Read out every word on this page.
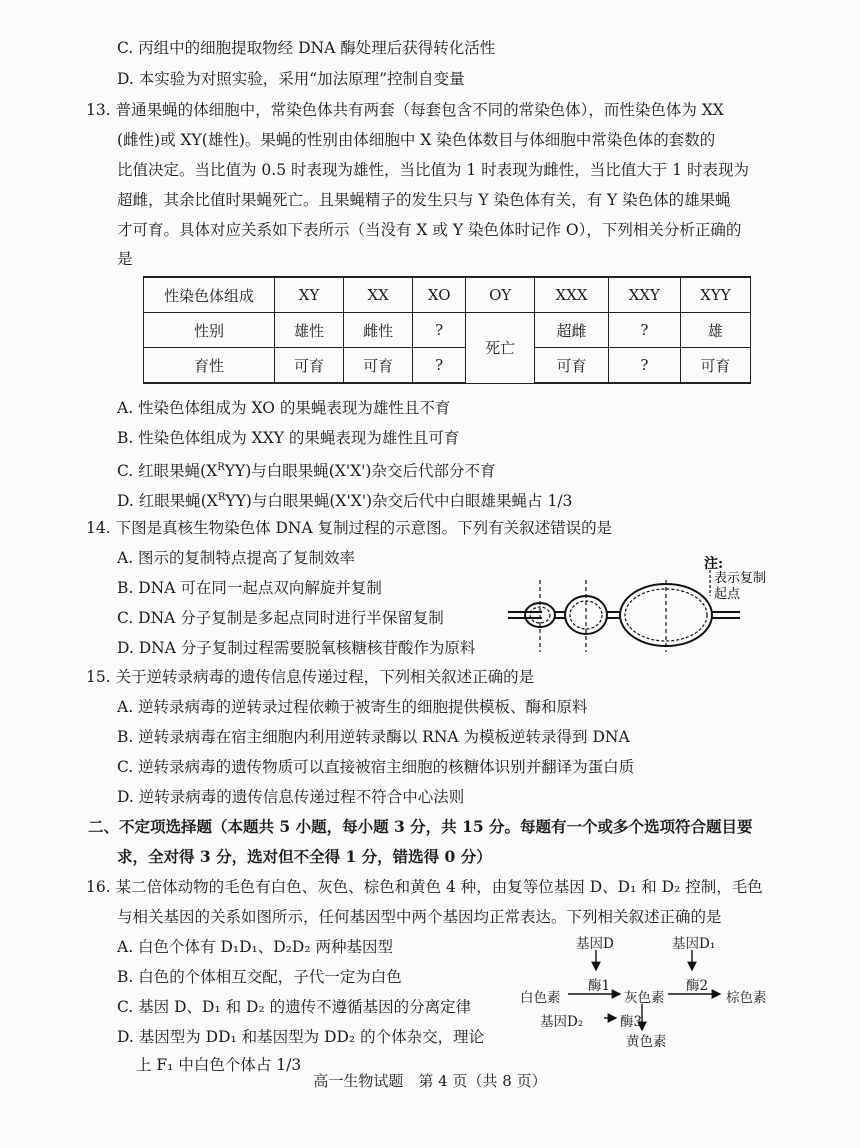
C. 丙组中的细胞提取物经 DNA 酶处理后获得转化活性
D. 本实验为对照实验，采用“加法原理”控制自变量
13. 普通果蝇的体细胞中，常染色体共有两套（每套包含不同的常染色体），而性染色体为 XX
(雌性)或 XY(雄性)。果蝇的性别由体细胞中 X 染色体数目与体细胞中常染色体的套数的
比值决定。当比值为 0.5 时表现为雄性，当比值为 1 时表现为雌性，当比值大于 1 时表现为
超雌，其余比值时果蝇死亡。且果蝇精子的发生只与 Y 染色体有关，有 Y 染色体的雄果蝇
才可育。具体对应关系如下表所示（当没有 X 或 Y 染色体时记作 O），下列相关分析正确的
是
性染色体组成	XY	XX	XO	OY	XXX	XXY	XYY
性别	雄性	雌性	?	死亡	超雌	?	雄
育性	可育	可育	?		可育	?	可育
A. 性染色体组成为 XO 的果蝇表现为雄性且不育
B. 性染色体组成为 XXY 的果蝇表现为雄性且可育
C. 红眼果蝇$(X^RYY)$与白眼果蝇(X'X')杂交后代部分不育
D. 红眼果蝇$(X^RYY)$与白眼果蝇(X'X')杂交后代中白眼雄果蝇占 1/3
14. 下图是真核生物染色体 DNA 复制过程的示意图。下列有关叙述错误的是
A. 图示的复制特点提高了复制效率
B. DNA 可在同一起点双向解旋并复制
C. DNA 分子复制是多起点同时进行半保留复制
D. DNA 分子复制过程需要脱氧核糖核苷酸作为原料
注:
表示复制
起点
15. 关于逆转录病毒的遗传信息传递过程，下列相关叙述正确的是
A. 逆转录病毒的逆转录过程依赖于被寄生的细胞提供模板、酶和原料
B. 逆转录病毒在宿主细胞内利用逆转录酶以 RNA 为模板逆转录得到 DNA
C. 逆转录病毒的遗传物质可以直接被宿主细胞的核糖体识别并翻译为蛋白质
D. 逆转录病毒的遗传信息传递过程不符合中心法则
二、不定项选择题（本题共 5 小题，每小题 3 分，共 15 分。每题有一个或多个选项符合题目要
求，全对得 3 分，选对但不全得 1 分，错选得 0 分）
16. 某二倍体动物的毛色有白色、灰色、棕色和黄色 4 种，由复等位基因 D、D₁ 和 D₂ 控制，毛色
与相关基因的关系如图所示，任何基因型中两个基因均正常表达。下列相关叙述正确的是
A. 白色个体有 D₁D₁、D₂D₂ 两种基因型
B. 白色的个体相互交配，子代一定为白色
C. 基因 D、D₁ 和 D₂ 的遗传不遵循基因的分离定律
D. 基因型为 DD₁ 和基因型为 DD₂ 的个体杂交，理论
上 F₁ 中白色个体占 1/3
基因D	基因D₁
酶1	酶2
白色素	灰色素	棕色素
基因D₂	酶3
黄色素
高一生物试题　第 4 页（共 8 页）
